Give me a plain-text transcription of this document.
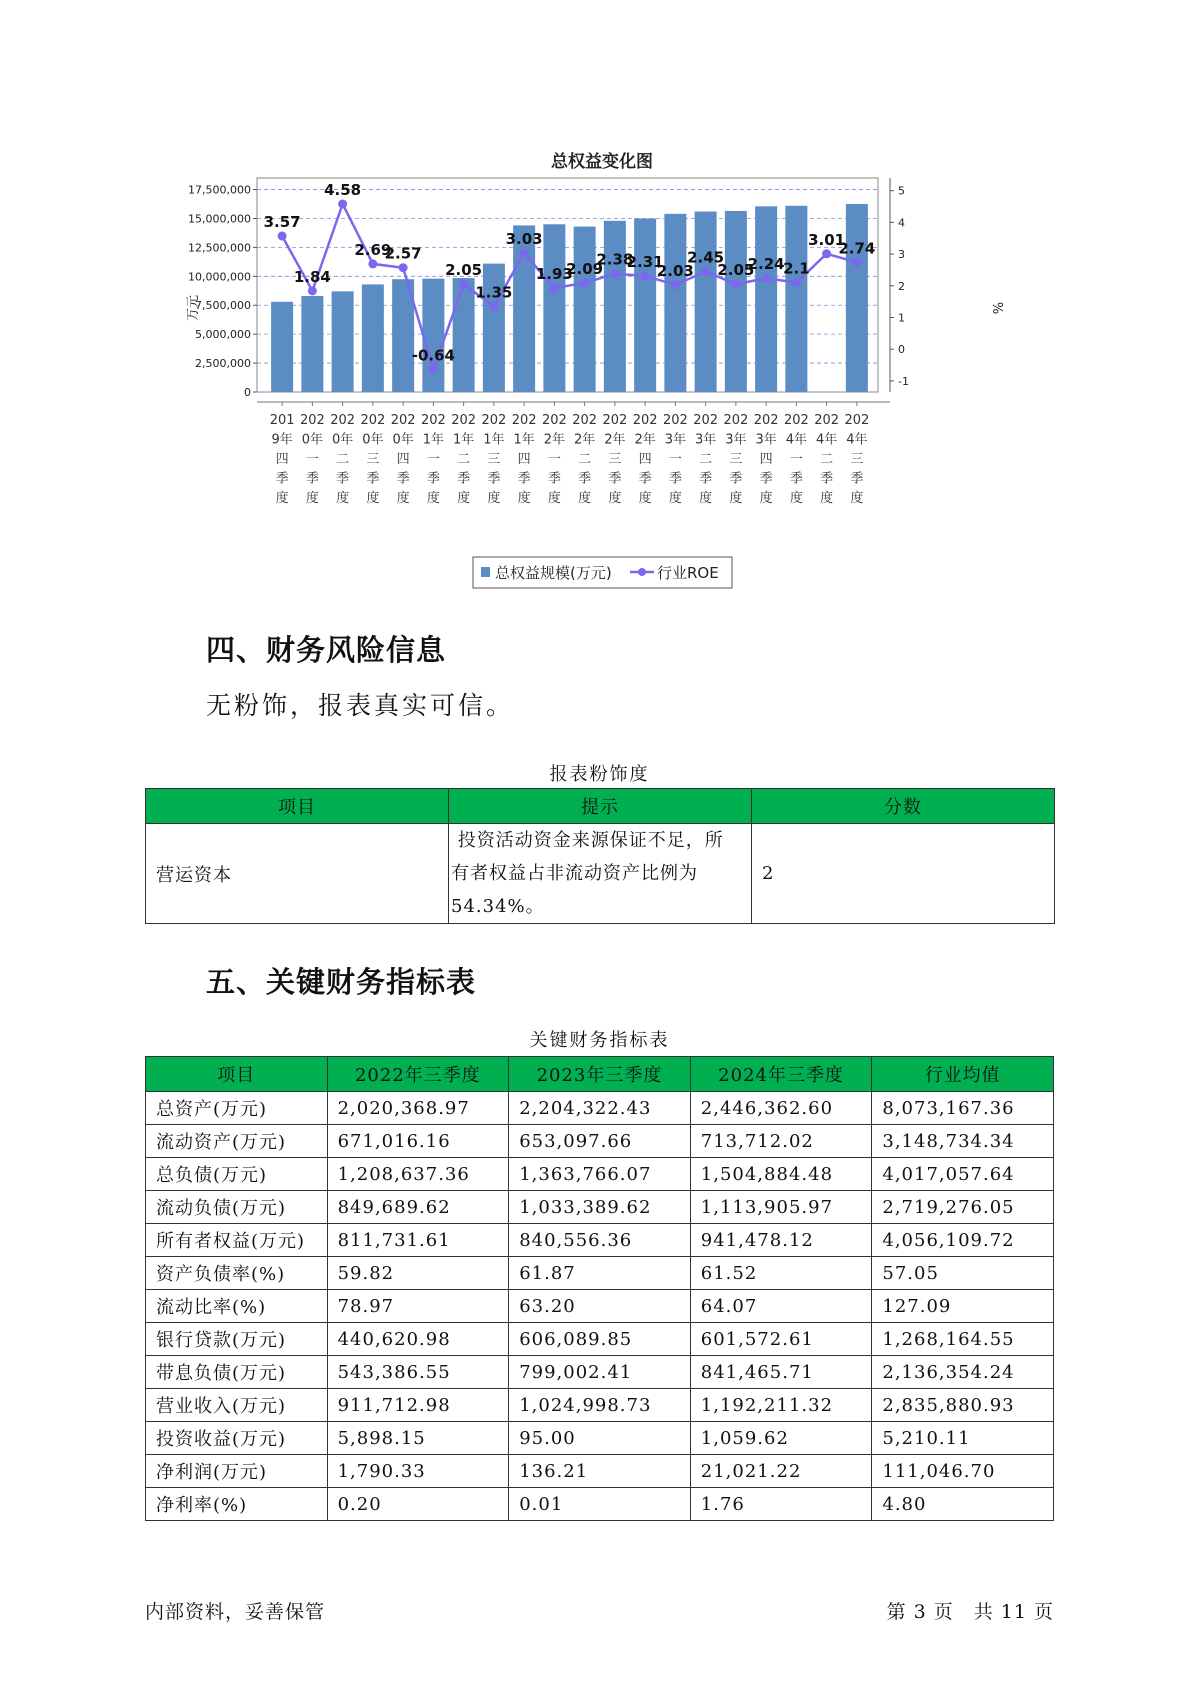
总权益变化图
0
2,500,000
5,000,000
7,500,000
10,000,000
12,500,000
15,000,000
17,500,000
-1
0
1
2
3
4
5
201
9年
四
季
度
202
0年
一
季
度
202
0年
二
季
度
202
0年
三
季
度
202
0年
四
季
度
202
1年
一
季
度
202
1年
二
季
度
202
1年
三
季
度
202
1年
四
季
度
202
2年
一
季
度
202
2年
二
季
度
202
2年
三
季
度
202
2年
四
季
度
202
3年
一
季
度
202
3年
二
季
度
202
3年
三
季
度
202
3年
四
季
度
202
4年
一
季
度
202
4年
二
季
度
202
4年
三
季
度
3.57
1.84
4.58
2.69
2.57
-0.64
2.05
1.35
3.03
1.93
2.09
2.38
2.31
2.03
2.45
2.05
2.24
2.1
3.01
2.74
万元	%
总权益规模(万元)	行业ROE
四、财务风险信息

无粉饰，报表真实可信。

报表粉饰度
项目	提示	分数
营运资本	投资活动资金来源保证不足，所
有者权益占非流动资产比例为
54.34%。	2
五、关键财务指标表
关键财务指标表
项目	2022年三季度	2023年三季度	2024年三季度	行业均值
总资产(万元)	2,020,368.97	2,204,322.43	2,446,362.60	8,073,167.36
流动资产(万元)	671,016.16	653,097.66	713,712.02	3,148,734.34
总负债(万元)	1,208,637.36	1,363,766.07	1,504,884.48	4,017,057.64
流动负债(万元)	849,689.62	1,033,389.62	1,113,905.97	2,719,276.05
所有者权益(万元)	811,731.61	840,556.36	941,478.12	4,056,109.72
资产负债率(%)	59.82	61.87	61.52	57.05
流动比率(%)	78.97	63.20	64.07	127.09
银行贷款(万元)	440,620.98	606,089.85	601,572.61	1,268,164.55
带息负债(万元)	543,386.55	799,002.41	841,465.71	2,136,354.24
营业收入(万元)	911,712.98	1,024,998.73	1,192,211.32	2,835,880.93
投资收益(万元)	5,898.15	95.00	1,059.62	5,210.11
净利润(万元)	1,790.33	136.21	21,021.22	111,046.70
净利率(%)	0.20	0.01	1.76	4.80
内部资料，妥善保管	第 3 页　共 11 页
